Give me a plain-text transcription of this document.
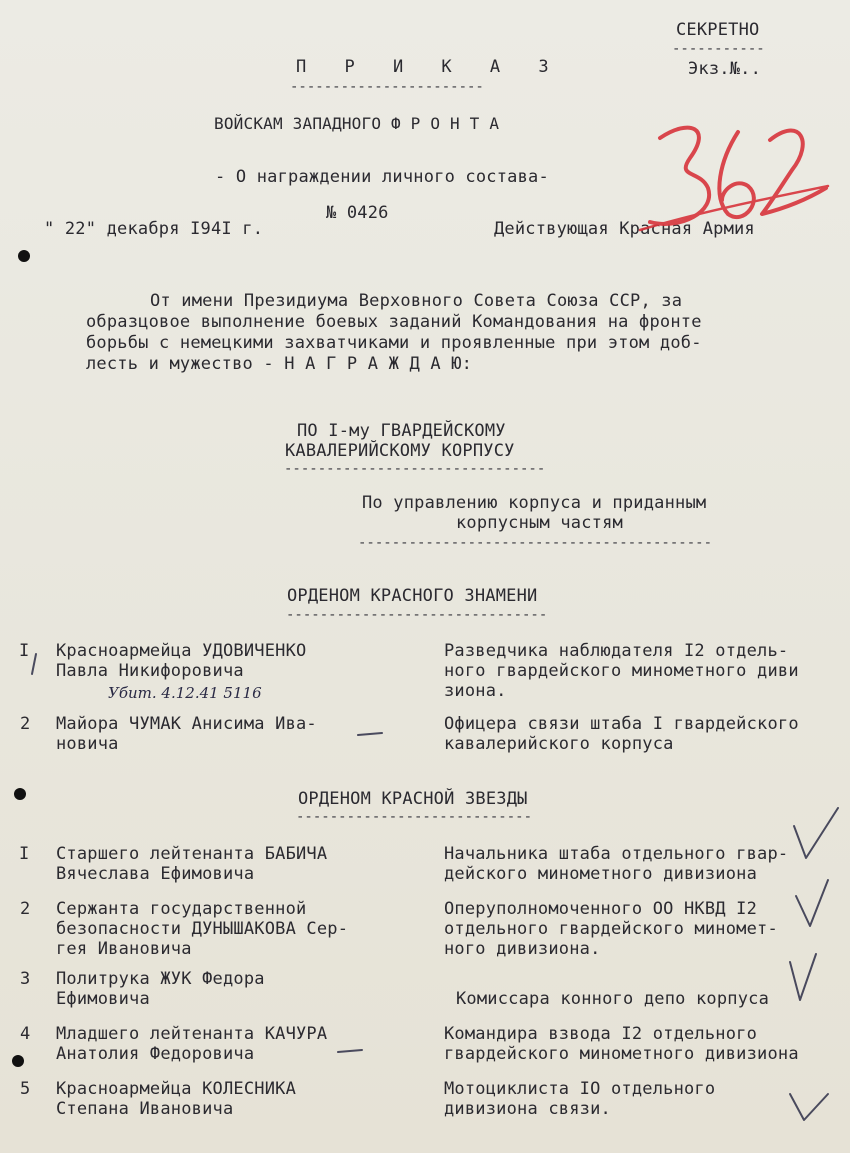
СЕКРЕТНО
-----------
Экз.№..
П Р И К А З
-----------------------
ВОЙСКАМ ЗАПАДНОГО Ф Р О Н Т А
- О награждении личного состава-
№ 0426
" 22" декабря I94I г.	Действующая Красная Армия
От имени Президиума Верховного Совета Союза ССР, за
образцовое выполнение боевых заданий Командования на фронте
борьбы с немецкими захватчиками и проявленные при этом доб-
лесть и мужество - Н А Г Р А Ж Д А Ю:
ПО I-му ГВАРДЕЙСКОМУ
КАВАЛЕРИЙСКОМУ КОРПУСУ
-------------------------------
По управлению корпуса и приданным
корпусным частям
------------------------------------------
ОРДЕНОМ КРАСНОГО ЗНАМЕНИ
-------------------------------
I Красноармейца УДОВИЧЕНКО
Павла Никифоровича
Разведчика наблюдателя I2 отдель-
ного гвардейского минометного диви
зиона.
Убит. 4.12.41 5116
2 Майора ЧУМАК Анисима Ива-
новича
Офицера связи штаба I гвардейского
кавалерийского корпуса
ОРДЕНОМ КРАСНОЙ ЗВЕЗДЫ
----------------------------
I Старшего лейтенанта БАБИЧА
Вячеслава Ефимовича
Начальника штаба отдельного гвар-
дейского минометного дивизиона
2 Сержанта государственной
безопасности ДУНЫШАКОВА Сер-
гея Ивановича
Оперуполномоченного ОО НКВД I2
отдельного гвардейского миномет-
ного дивизиона.
3 Политрука ЖУК Федора
Ефимовича	Комиссара конного депо корпуса
4 Младшего лейтенанта КАЧУРА
Анатолия Федоровича
Командира взвода I2 отдельного
гвардейского минометного дивизиона
5 Красноармейца КОЛЕСНИКА
Степана Ивановича
Мотоциклиста IO отдельного
дивизиона связи.
